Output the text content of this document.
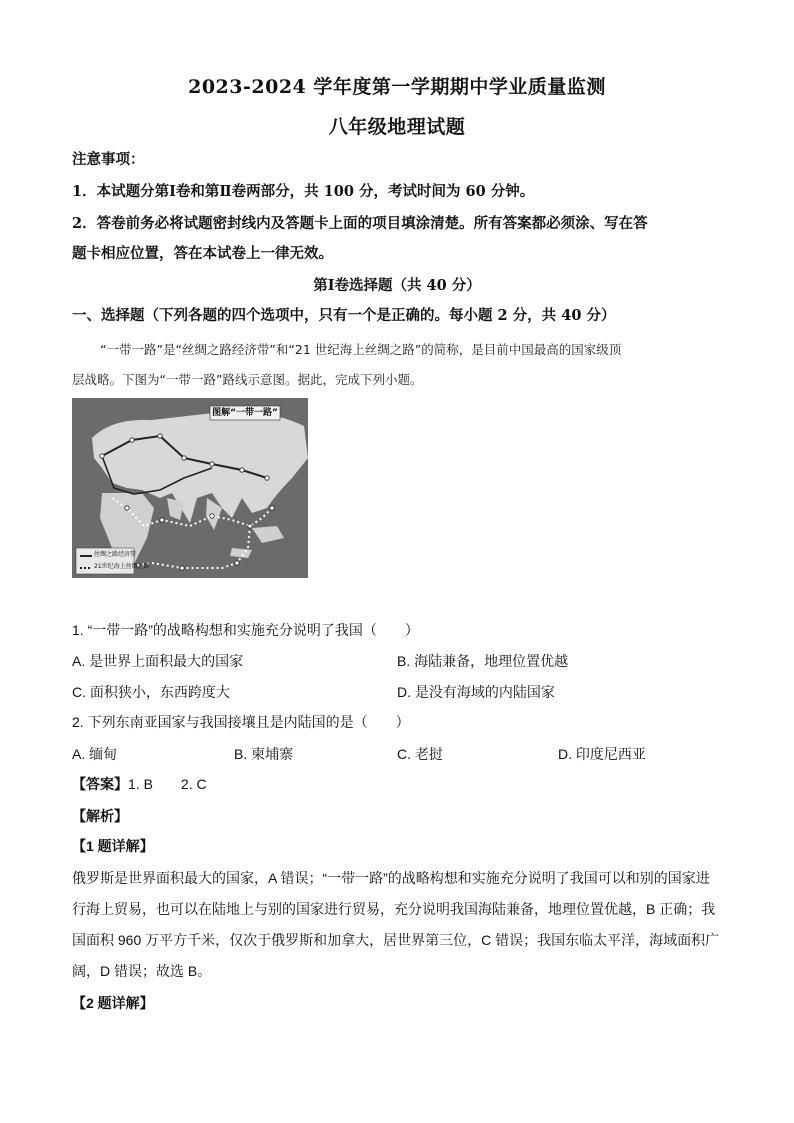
2023-2024 学年度第一学期期中学业质量监测
八年级地理试题
注意事项：
1．本试题分第Ⅰ卷和第Ⅱ卷两部分，共 100 分，考试时间为 60 分钟。
2．答卷前务必将试题密封线内及答题卡上面的项目填涂清楚。所有答案都必须涂、写在答
题卡相应位置，答在本试卷上一律无效。
第Ⅰ卷选择题（共 40 分）
一、选择题（下列各题的四个选项中，只有一个是正确的。每小题 2 分，共 40 分）
“一带一路”是“丝绸之路经济带”和“21 世纪海上丝绸之路”的简称，是目前中国最高的国家级顶
层战略。下图为“一带一路”路线示意图。据此，完成下列小题。
图解“一带一路”
丝绸之路经济带
21世纪海上丝绸之路
1. “一带一路”的战略构想和实施充分说明了我国（　　）
A. 是世界上面积最大的国家	B. 海陆兼备，地理位置优越
C. 面积狭小，东西跨度大	D. 是没有海域的内陆国家
2. 下列东南亚国家与我国接壤且是内陆国的是（　　）
A. 缅甸	B. 柬埔寨	C. 老挝	D. 印度尼西亚
【答案】1. B　　2. C
【解析】
【1 题详解】
俄罗斯是世界面积最大的国家，A 错误；“一带一路”的战略构想和实施充分说明了我国可以和别的国家进
行海上贸易，也可以在陆地上与别的国家进行贸易，充分说明我国海陆兼备，地理位置优越，B 正确；我
国面积 960 万平方千米，仅次于俄罗斯和加拿大，居世界第三位，C 错误；我国东临太平洋，海域面积广
阔，D 错误；故选 B。
【2 题详解】
